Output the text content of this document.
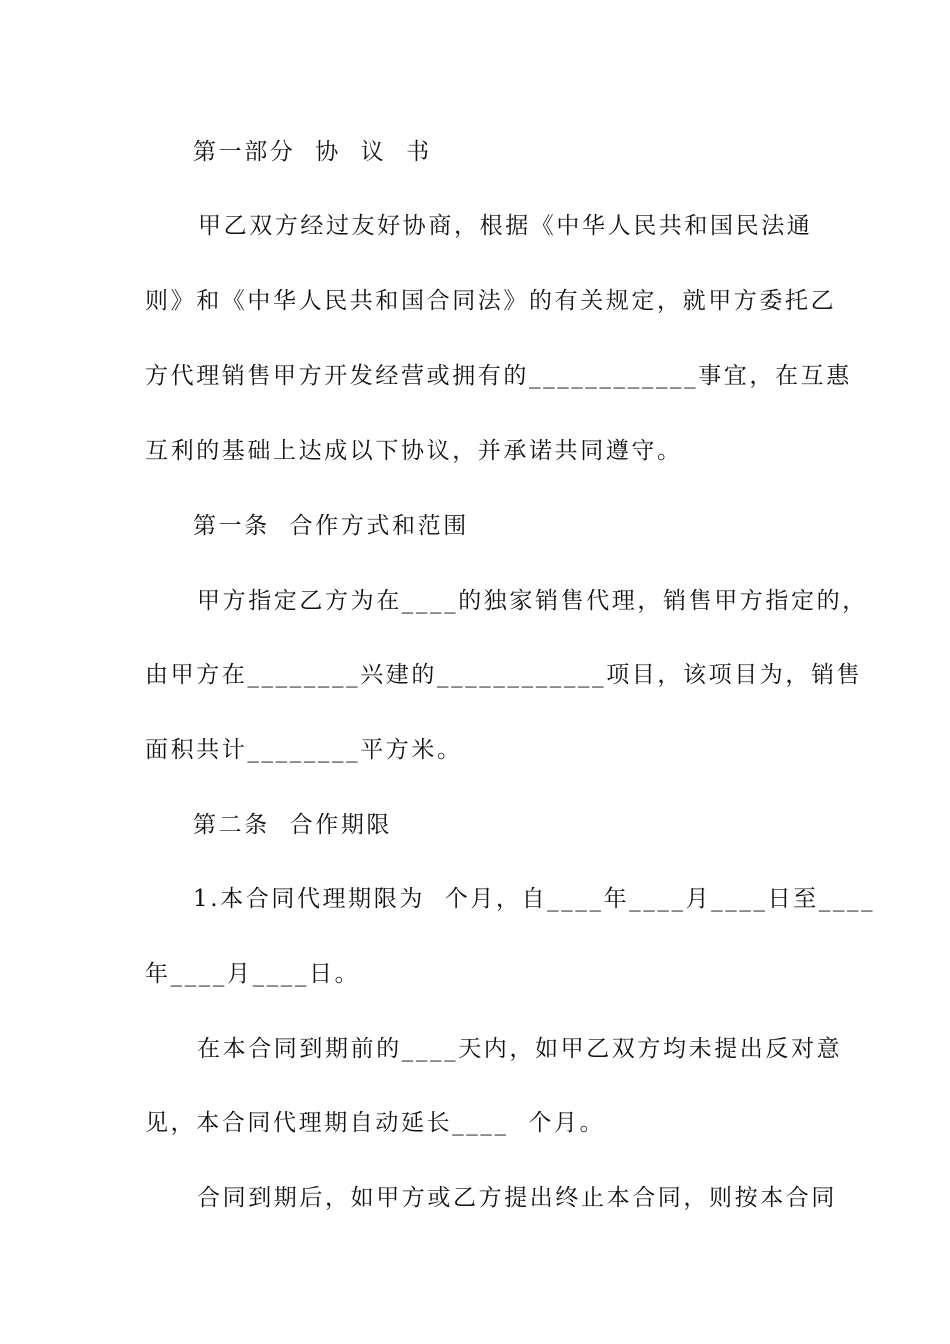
第一部分  协  议  书
甲乙双方经过友好协商，根据《中华人民共和国民法通
则》和《中华人民共和国合同法》的有关规定，就甲方委托乙
方代理销售甲方开发经营或拥有的____________事宜，在互惠
互利的基础上达成以下协议，并承诺共同遵守。
第一条  合作方式和范围
甲方指定乙方为在____的独家销售代理，销售甲方指定的，
由甲方在________兴建的____________项目，该项目为，销售
面积共计________平方米。
第二条  合作期限
1.本合同代理期限为  个月，自____年____月____日至____
年____月____日。
在本合同到期前的____天内，如甲乙双方均未提出反对意
见，本合同代理期自动延长____  个月。
合同到期后，如甲方或乙方提出终止本合同，则按本合同
